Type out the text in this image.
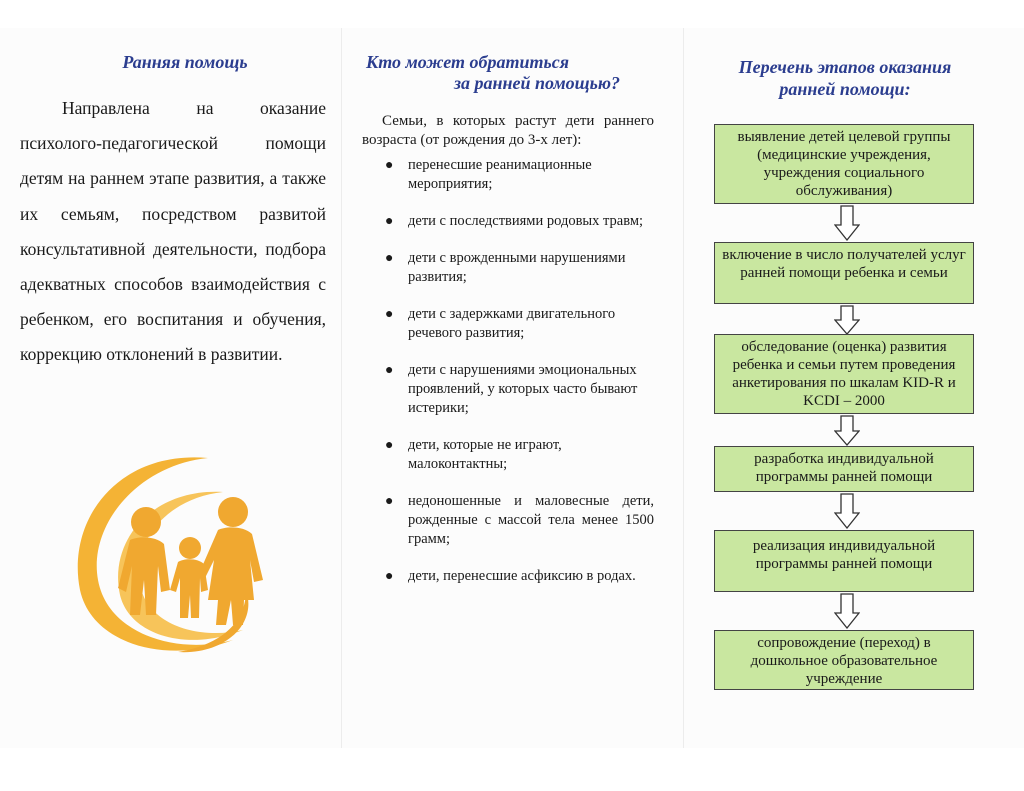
Ранняя помощь
Направлена на оказание психолого-педагогической помощи детям на раннем этапе развития, а также их семьям, посредством развитой консультативной деятельности, подбора адекватных способов взаимодействия с ребенком, его воспитания и обучения, коррекцию отклонений в развитии.
Кто может обратиться
за ранней помощью?
Семьи, в которых растут дети раннего возраста (от рождения до 3-х лет):
● перенесшие реанимационные мероприятия;
● дети с последствиями родовых травм;
● дети с врожденными нарушениями развития;
● дети с задержками двигательного речевого развития;
● дети с нарушениями эмоциональных проявлений, у которых часто бывают истерики;
● дети, которые не играют, малоконтактны;
● недоношенные и маловесные дети, рожденные с массой тела менее 1500 грамм;
● дети, перенесшие асфиксию в родах.
Перечень этапов оказания
ранней помощи:
выявление детей целевой группы (медицинские учреждения, учреждения социального обслуживания)
включение в число получателей услуг ранней помощи ребенка и семьи
обследование (оценка) развития ребенка и семьи путем проведения анкетирования по шкалам KID-R и KCDI – 2000
разработка индивидуальной программы ранней помощи
реализация индивидуальной программы ранней помощи
сопровождение (переход) в дошкольное образовательное учреждение
